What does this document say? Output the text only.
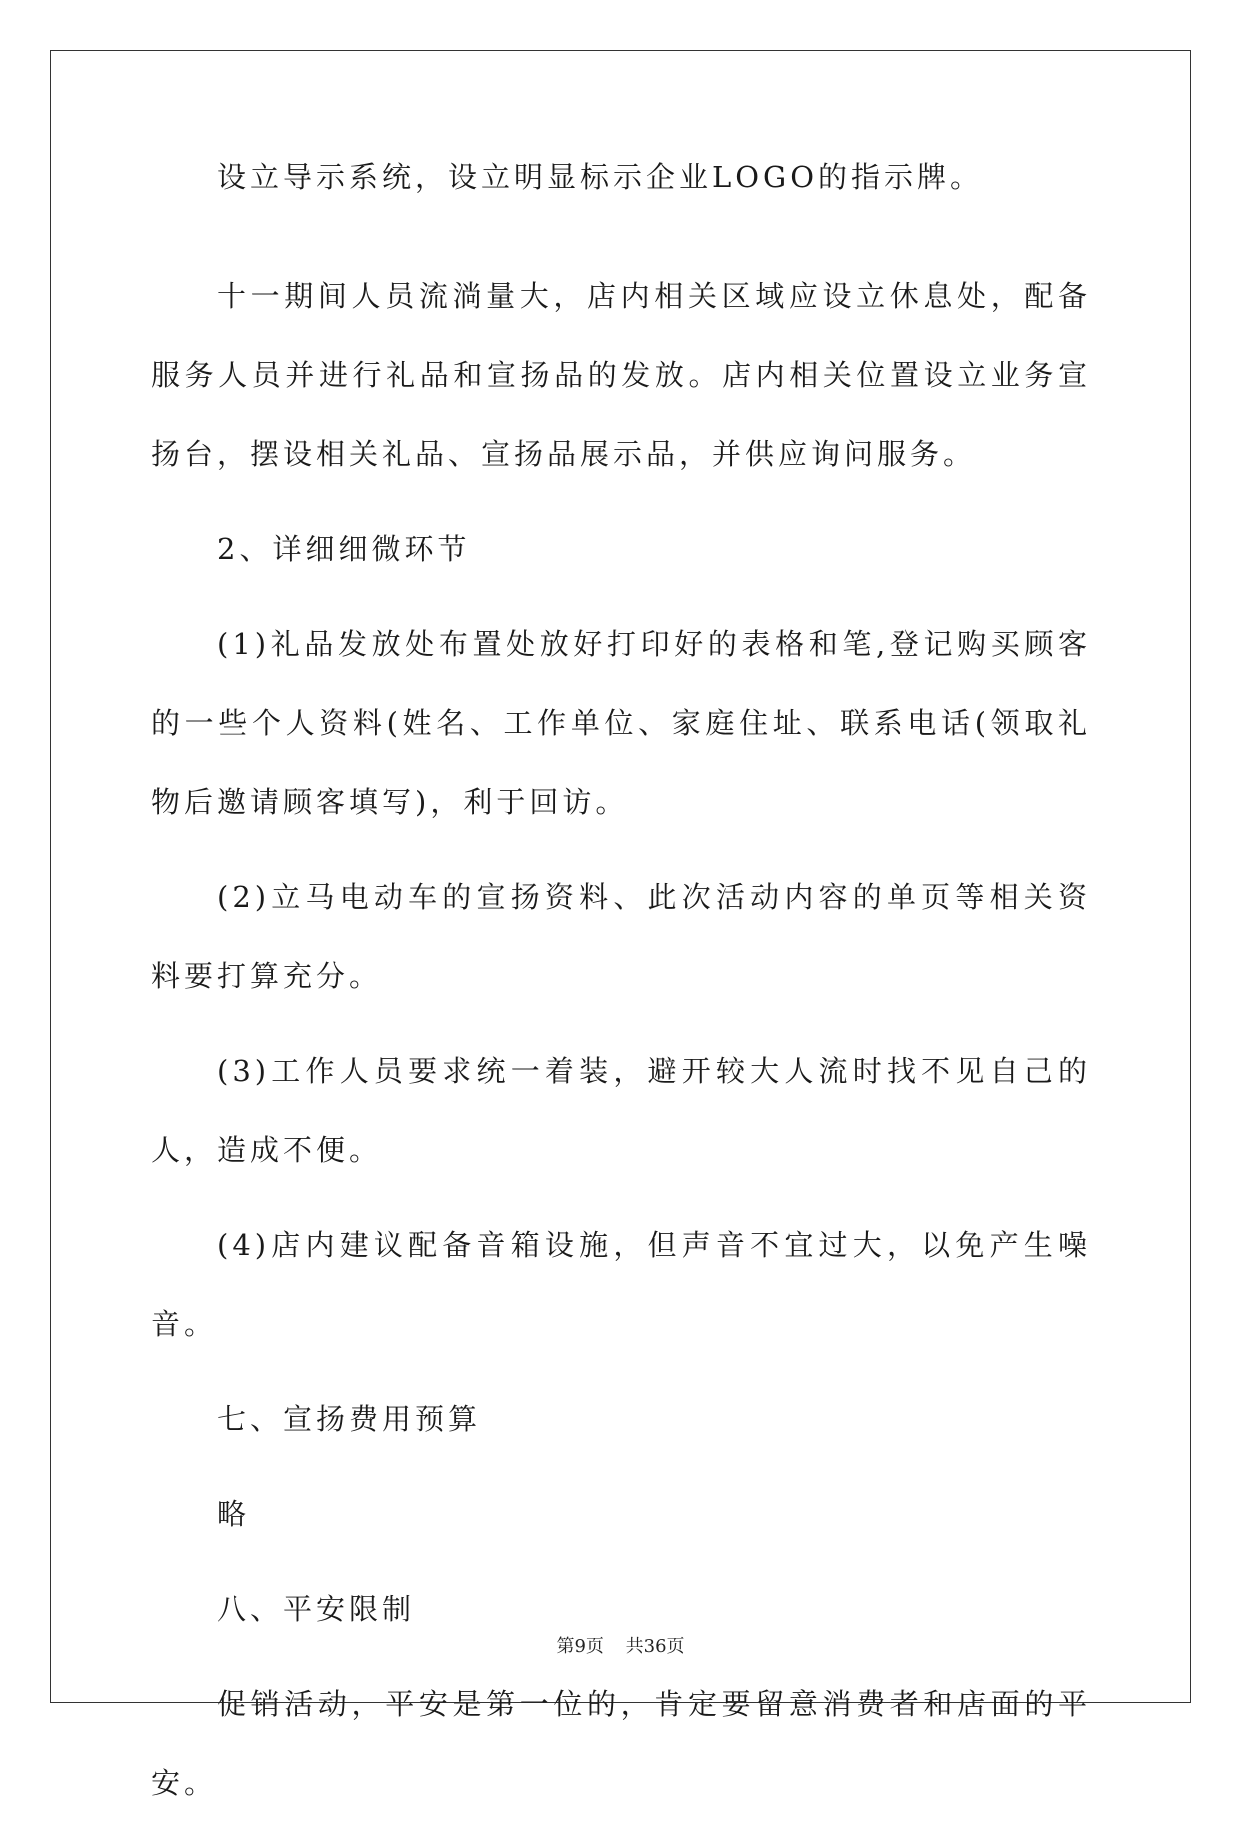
设立导示系统，设立明显标示企业LOGO的指示牌。

十一期间人员流淌量大，店内相关区域应设立休息处，配备服务人员并进行礼品和宣扬品的发放。店内相关位置设立业务宣扬台，摆设相关礼品、宣扬品展示品，并供应询问服务。

2、详细细微环节

(1)礼品发放处布置处放好打印好的表格和笔,登记购买顾客的一些个人资料(姓名、工作单位、家庭住址、联系电话(领取礼物后邀请顾客填写)，利于回访。

(2)立马电动车的宣扬资料、此次活动内容的单页等相关资料要打算充分。

(3)工作人员要求统一着装，避开较大人流时找不见自己的人，造成不便。

(4)店内建议配备音箱设施，但声音不宜过大，以免产生噪音。

七、宣扬费用预算

略

八、平安限制

促销活动，平安是第一位的，肯定要留意消费者和店面的平安。

第9页 共36页
